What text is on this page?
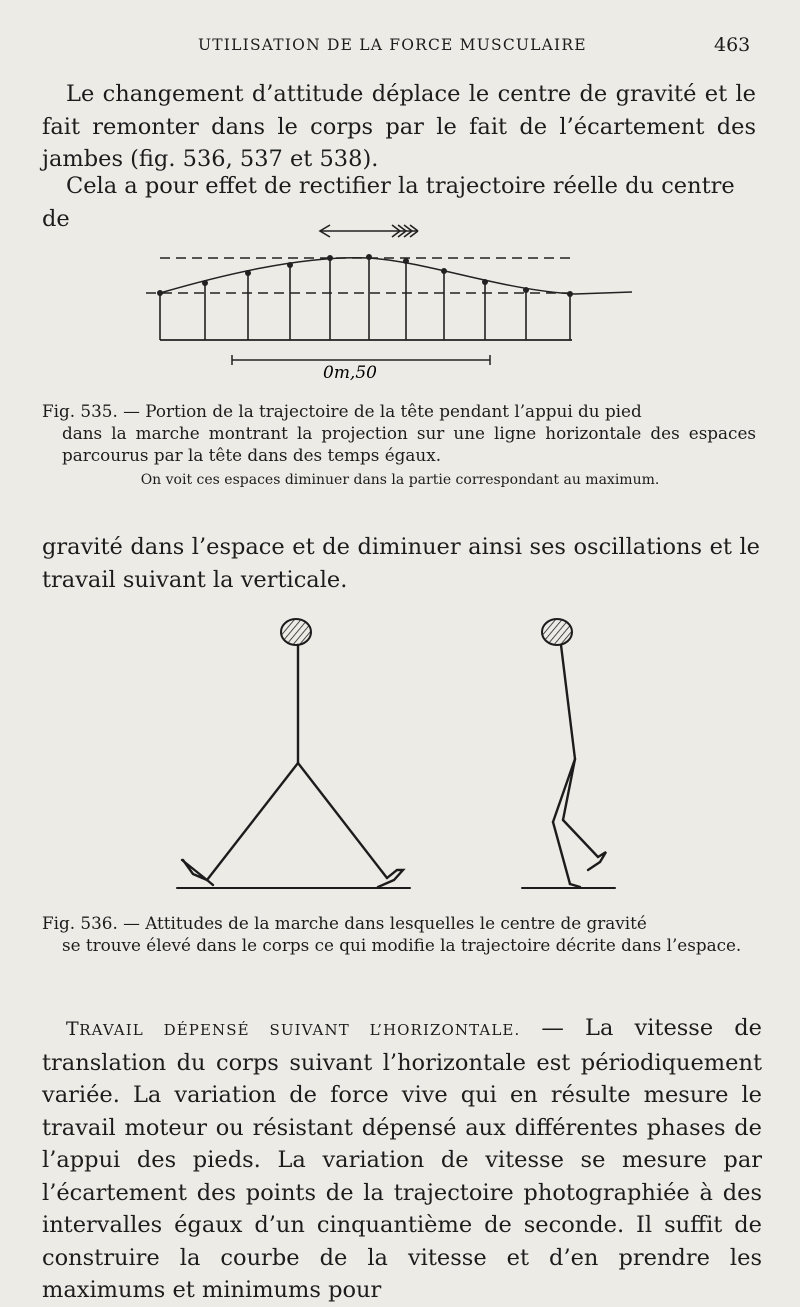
UTILISATION DE LA FORCE MUSCULAIRE	463

Le changement d’attitude déplace le centre de gravité et le fait remonter dans le corps par le fait de l’écartement des jambes (fig. 536, 537 et 538).

Cela a pour effet de rectifier la trajectoire réelle du centre de

0m,50

Fig. 535. — Portion de la trajectoire de la tête pendant l’appui du pied
dans la marche montrant la projection sur une ligne horizontale des espaces parcourus par la tête dans des temps égaux.

On voit ces espaces diminuer dans la partie correspondant au maximum.

gravité dans l’espace et de diminuer ainsi ses oscillations et le travail suivant la verticale.

Fig. 536. — Attitudes de la marche dans lesquelles le centre de gravité
se trouve élevé dans le corps ce qui modifie la trajectoire décrite dans l’espace.

TRAVAIL DÉPENSÉ SUIVANT L’HORIZONTALE. — La vitesse de translation du corps suivant l’horizontale est périodiquement variée. La variation de force vive qui en résulte mesure le travail moteur ou résistant dépensé aux différentes phases de l’appui des pieds. La variation de vitesse se mesure par l’écartement des points de la trajectoire photographiée à des intervalles égaux d’un cinquantième de seconde. Il suffit de construire la courbe de la vitesse et d’en prendre les maximums et minimums pour
